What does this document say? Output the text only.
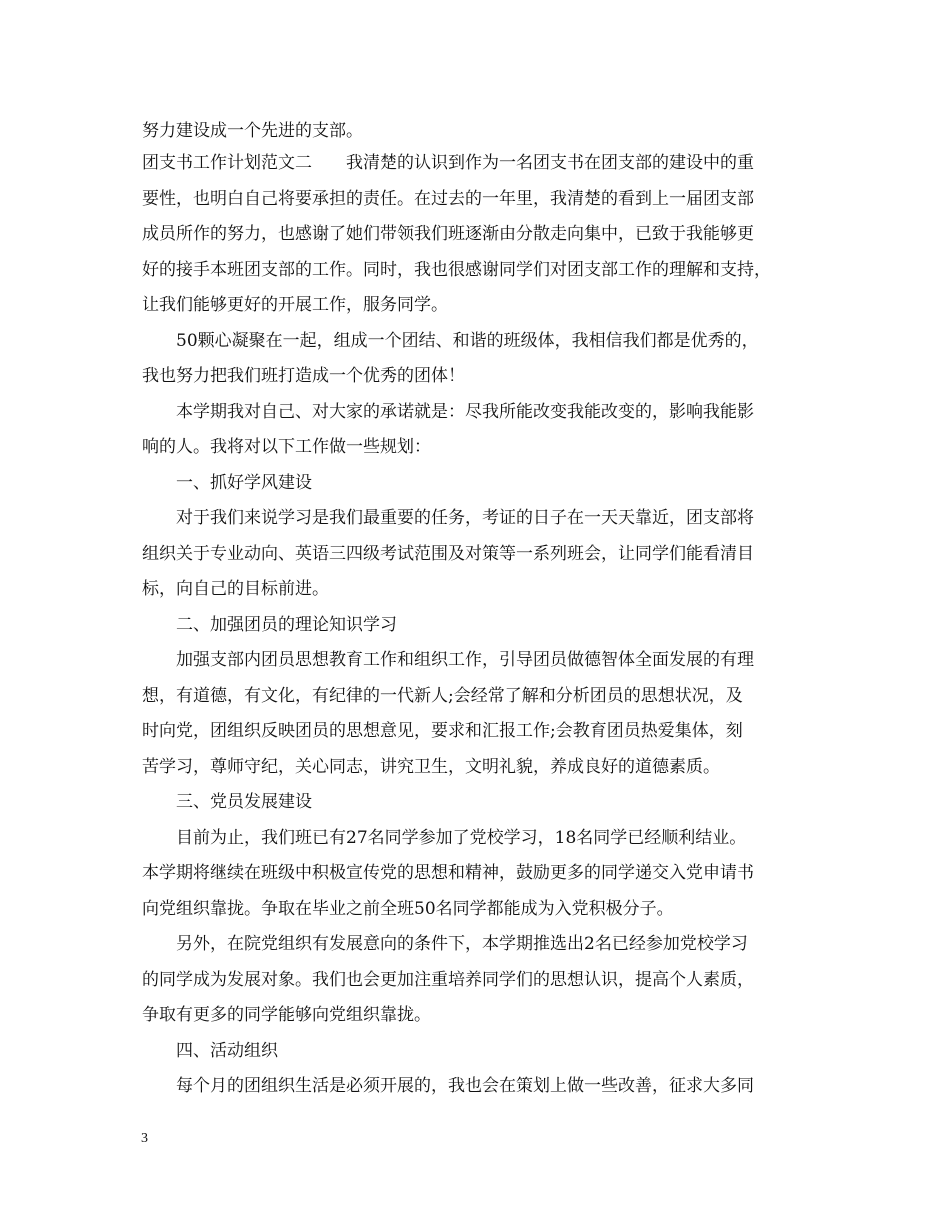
努力建设成一个先进的支部。

团支书工作计划范文二　　我清楚的认识到作为一名团支书在团支部的建设中的重

要性，也明白自己将要承担的责任。在过去的一年里，我清楚的看到上一届团支部

成员所作的努力，也感谢了她们带领我们班逐渐由分散走向集中，已致于我能够更

好的接手本班团支部的工作。同时，我也很感谢同学们对团支部工作的理解和支持，

让我们能够更好的开展工作，服务同学。

50颗心凝聚在一起，组成一个团结、和谐的班级体，我相信我们都是优秀的，

我也努力把我们班打造成一个优秀的团体！

本学期我对自己、对大家的承诺就是：尽我所能改变我能改变的，影响我能影

响的人。我将对以下工作做一些规划：

一、抓好学风建设

对于我们来说学习是我们最重要的任务，考证的日子在一天天靠近，团支部将

组织关于专业动向、英语三四级考试范围及对策等一系列班会，让同学们能看清目

标，向自己的目标前进。

二、加强团员的理论知识学习

加强支部内团员思想教育工作和组织工作，引导团员做德智体全面发展的有理

想，有道德，有文化，有纪律的一代新人;会经常了解和分析团员的思想状况，及

时向党，团组织反映团员的思想意见，要求和汇报工作;会教育团员热爱集体，刻

苦学习，尊师守纪，关心同志，讲究卫生，文明礼貌，养成良好的道德素质。

三、党员发展建设

目前为止，我们班已有27名同学参加了党校学习，18名同学已经顺利结业。

本学期将继续在班级中积极宣传党的思想和精神，鼓励更多的同学递交入党申请书

向党组织靠拢。争取在毕业之前全班50名同学都能成为入党积极分子。

另外，在院党组织有发展意向的条件下，本学期推选出2名已经参加党校学习

的同学成为发展对象。我们也会更加注重培养同学们的思想认识，提高个人素质，

争取有更多的同学能够向党组织靠拢。

四、活动组织

每个月的团组织生活是必须开展的，我也会在策划上做一些改善，征求大多同

3
